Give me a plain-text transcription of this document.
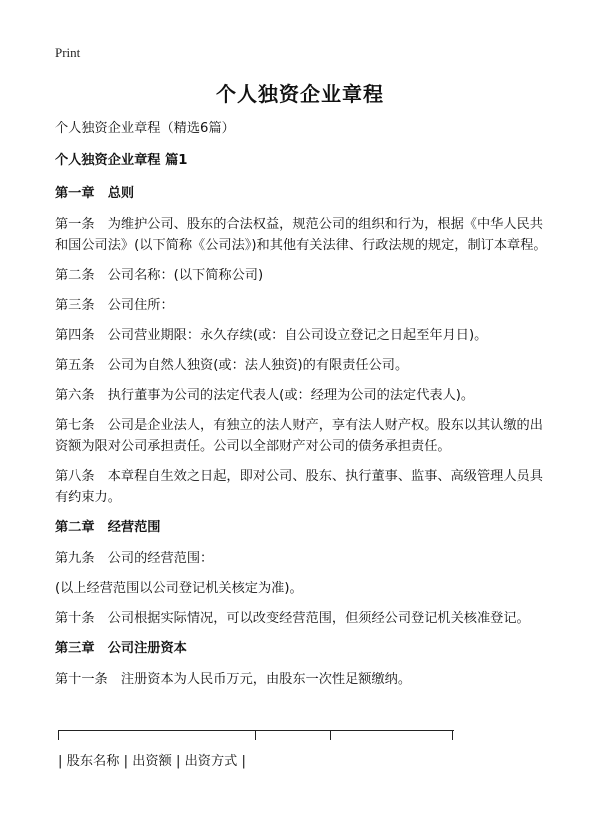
Print
个人独资企业章程

个人独资企业章程（精选6篇）

个人独资企业章程 篇1

第一章　总则

第一条　为维护公司、股东的合法权益，规范公司的组织和行为，根据《中华人民共和国公司法》(以下简称《公司法》)和其他有关法律、行政法规的规定，制订本章程。

第二条　公司名称：(以下简称公司)

第三条　公司住所：

第四条　公司营业期限：永久存续(或：自公司设立登记之日起至年月日)。

第五条　公司为自然人独资(或：法人独资)的有限责任公司。

第六条　执行董事为公司的法定代表人(或：经理为公司的法定代表人)。

第七条　公司是企业法人，有独立的法人财产，享有法人财产权。股东以其认缴的出资额为限对公司承担责任。公司以全部财产对公司的债务承担责任。

第八条　本章程自生效之日起，即对公司、股东、执行董事、监事、高级管理人员具有约束力。

第二章　经营范围

第九条　公司的经营范围：

(以上经营范围以公司登记机关核定为准)。

第十条　公司根据实际情况，可以改变经营范围，但须经公司登记机关核准登记。

第三章　公司注册资本

第十一条　注册资本为人民币万元，由股东一次性足额缴纳。

| 股东名称 | 出资额 | 出资方式 |
